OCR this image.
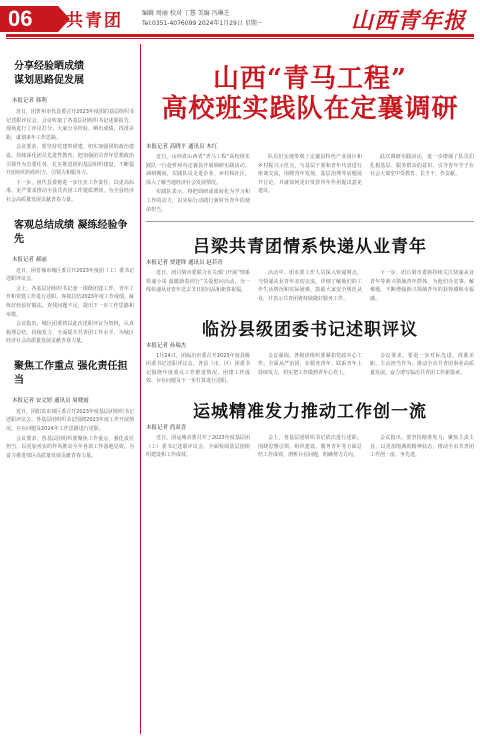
06	共青团	编辑 周丽 校对 丁慧 美编 冯琳芝
Tel:0351-4076099 2024年1月29日 星期一	山西青年报
分享经验晒成绩
谋划思路促发展
本报记者 韩利
近日，团忻州市代县委召开2023年度团的基层组织书记述职评议会。会议听取了各基层团组织书记述职报告，现场进行了评议打分。大家分享经验、晒出成绩、找准差距，谋划来年工作思路。
会议要求，要坚持党建带团建，切实加强团的政治建设，持续深化团员先进性教育，把加强团员青年思想政治引领作为首要任务，扎实推进团的基层组织建设，不断提升团组织的组织力、引领力和服务力。
下一步，团代县委将进一步压实工作责任，以更高标准、更严要求推动全县共青团工作提质增效，为全县经济社会高质量发展贡献青春力量。
客观总结成绩 凝练经验争先
本报记者 郝丽
近日，团晋城市城区委召开2023年度团（工）委书记述职评议会。
会上，各基层团组织书记逐一围绕团建工作、青年工作和党建工作进行述职，客观总结2023年度工作成绩，凝练好经验好做法，查找问题不足，提出下一步工作思路和举措。
会议指出，城区团委将以此次述职评议为契机，认真梳理总结，持续发力，全面提升共青团工作水平，为城区经济社会高质量发展贡献青春力量。
聚焦工作重点 强化责任担当
本报记者 安文婷 通讯员 周晓霞
近日，团阳泉市郊区委召开2023年度基层团组织书记述职评议会。各基层团组织书记围绕2023年度工作开展情况、存在问题及2024年工作思路进行述职。
会议要求，各基层团组织要聚焦工作重点，强化责任担当，以更加务实的作风推动全年各项工作落地见效，为奋力推进郊区高质量发展贡献青春力量。
山西“青马工程”
高校班实践队在定襄调研
本报记者 高晓平 通讯员 木红
近日，山西省山西省“青马工程”高校班实践队一行赴忻州市定襄县开展调研实践活动。调研期间，实践队员走进企业、乡村和社区，深入了解当地经济社会发展情况。
实践队表示，将把调研成果转化为学习和工作的动力，以实际行动践行新时代青年的使命担当。
队员们实地参观了定襄县特色产业园区和乡村振兴示范点，与基层干部和青年代表进行座谈交流，围绕青年发展、基层治理等话题展开讨论，并就如何更好发挥青年作用提出意见建议。
此次调研实践活动，进一步增强了队员们扎根基层、服务群众的意识，引导青年学子在社会大课堂中受教育、长才干、作贡献。
吕梁共青团情系快递从业青年
本报记者 贾建锋 通讯员 赵若青
近日，团吕梁市委联合有关部门开展“情系快递小哥 温暖新春同行”关爱慰问活动，为一线快递从业青年送去节日慰问品和新春祝福。
活动中，团市委工作人员深入快递网点，与快递从业青年亲切交流，详细了解他们的工作生活情况和实际困难，鼓励大家安全规范从业，并表示共青团将持续做好服务工作。
下一步，团吕梁市委将持续关注快递从业青年等新兴领域青年群体，为他们办实事、解难题，不断增强新兴领域青年的获得感和幸福感。
临汾县级团委书记述职评议
本报记者 孙瑞杰
1月24日，团临汾市委召开2023年度县级团委书记述职评议会。各县（市、区）团委书记围绕年度重点工作推进情况、团建工作成效、存在问题及下一步打算进行述职。
会议强调，各级团组织要紧扣党政中心工作，全面从严治团，在服务青年、联系青年上持续发力，切实把工作做到青年心坎上。
会议要求，要进一步对标先进、找准差距，主动担当作为，推动全市共青团事业高质量发展，奋力谱写临汾共青团工作新篇章。
运城精准发力推动工作创一流
本报记者 尚双喜
近日，团运城市委召开了2023年度基层团（工）委书记述职评议会，全面检阅基层团组织建设和工作成效。
会上，各基层团组织书记依次进行述职，围绕思想引领、组织建设、服务青年等方面总结工作成效，剖析存在问题，明确努力方向。
会议指出，要坚持精准发力，聚焦主责主业，以更加饱满的精神状态，推动全市共青团工作创一流、争先进。
